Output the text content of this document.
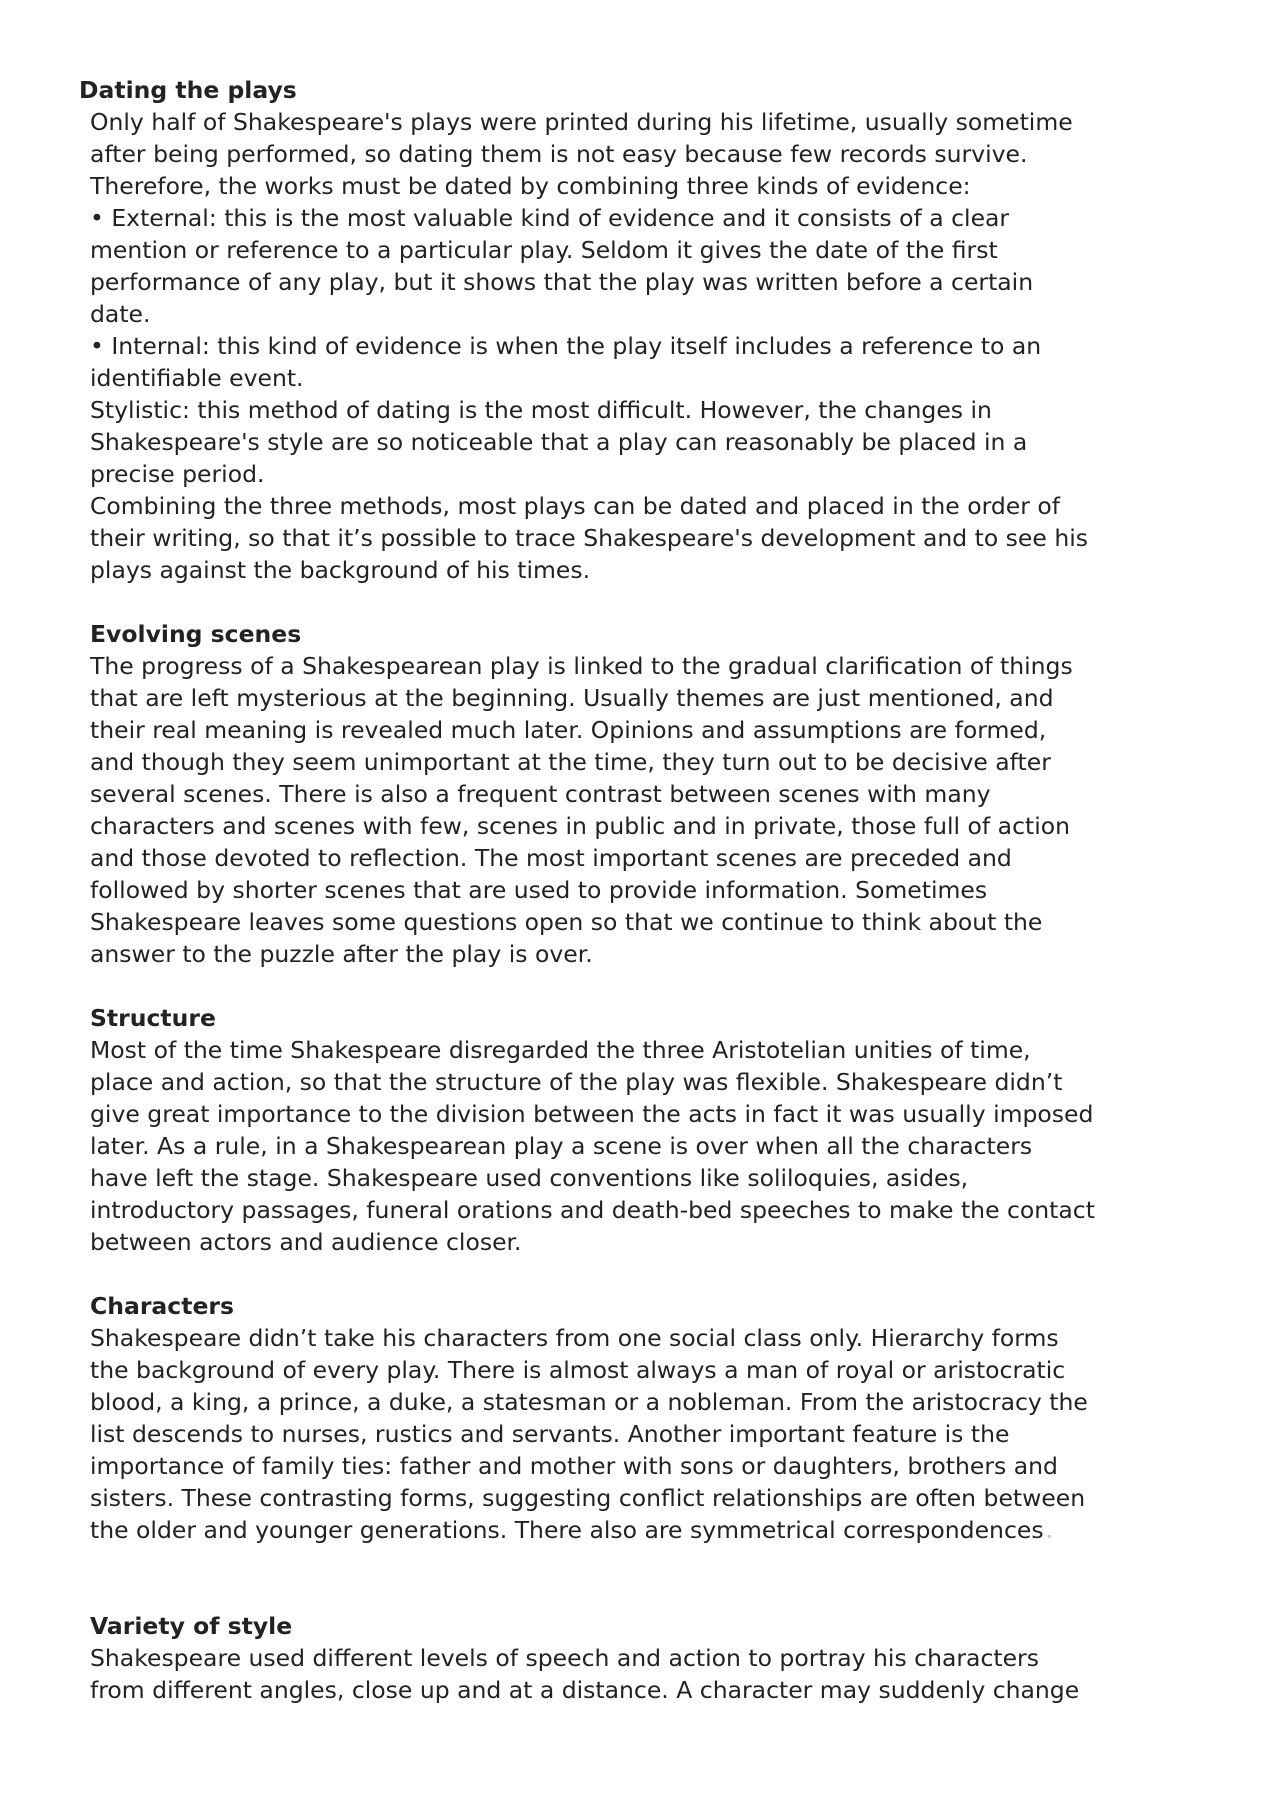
Dating the plays
Only half of Shakespeare's plays were printed during his lifetime, usually sometime
after being performed, so dating them is not easy because few records survive.
Therefore, the works must be dated by combining three kinds of evidence:
• External: this is the most valuable kind of evidence and it consists of a clear
mention or reference to a particular play. Seldom it gives the date of the first
performance of any play, but it shows that the play was written before a certain
date.
• Internal: this kind of evidence is when the play itself includes a reference to an
identifiable event.
Stylistic: this method of dating is the most difficult. However, the changes in
Shakespeare's style are so noticeable that a play can reasonably be placed in a
precise period.
Combining the three methods, most plays can be dated and placed in the order of
their writing, so that it’s possible to trace Shakespeare's development and to see his
plays against the background of his times.
Evolving scenes
The progress of a Shakespearean play is linked to the gradual clarification of things
that are left mysterious at the beginning. Usually themes are just mentioned, and
their real meaning is revealed much later. Opinions and assumptions are formed,
and though they seem unimportant at the time, they turn out to be decisive after
several scenes. There is also a frequent contrast between scenes with many
characters and scenes with few, scenes in public and in private, those full of action
and those devoted to reflection. The most important scenes are preceded and
followed by shorter scenes that are used to provide information. Sometimes
Shakespeare leaves some questions open so that we continue to think about the
answer to the puzzle after the play is over.
Structure
Most of the time Shakespeare disregarded the three Aristotelian unities of time,
place and action, so that the structure of the play was flexible. Shakespeare didn’t
give great importance to the division between the acts in fact it was usually imposed
later. As a rule, in a Shakespearean play a scene is over when all the characters
have left the stage. Shakespeare used conventions like soliloquies, asides,
introductory passages, funeral orations and death-bed speeches to make the contact
between actors and audience closer.
Characters
Shakespeare didn’t take his characters from one social class only. Hierarchy forms
the background of every play. There is almost always a man of royal or aristocratic
blood, a king, a prince, a duke, a statesman or a nobleman. From the aristocracy the
list descends to nurses, rustics and servants. Another important feature is the
importance of family ties: father and mother with sons or daughters, brothers and
sisters. These contrasting forms, suggesting conflict relationships are often between
the older and younger generations. There also are symmetrical correspondences
Variety of style
Shakespeare used different levels of speech and action to portray his characters
from different angles, close up and at a distance. A character may suddenly change
